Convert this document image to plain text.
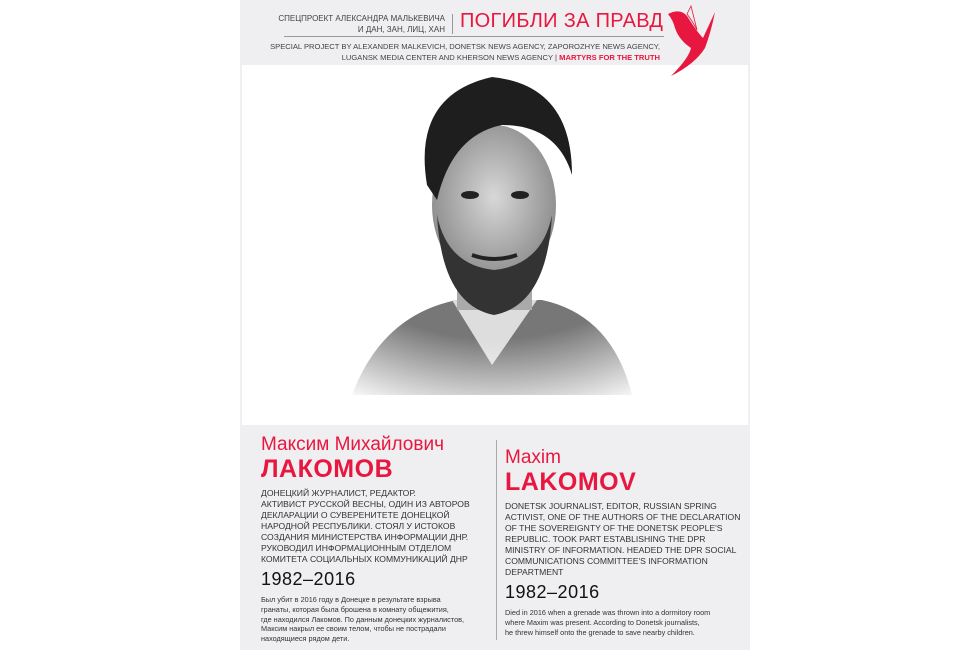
СПЕЦПРОЕКТ АЛЕКСАНДРА МАЛЬКЕВИЧА
И ДАН, ЗАН, ЛИЦ, ХАН ПОГИБЛИ ЗА ПРАВД
SPECIAL PROJECT BY ALEXANDER MALKEVICH, DONETSK NEWS AGENCY, ZAPOROZHYE NEWS AGENCY,
LUGANSK MEDIA CENTER AND KHERSON NEWS AGENCY | MARTYRS FOR THE TRUTH
Максим Михайлович
ЛАКОМОВ
ДОНЕЦКИЙ ЖУРНАЛИСТ, РЕДАКТОР.
АКТИВИСТ РУССКОЙ ВЕСНЫ, ОДИН ИЗ АВТОРОВ
ДЕКЛАРАЦИИ О СУВЕРЕНИТЕТЕ ДОНЕЦКОЙ
НАРОДНОЙ РЕСПУБЛИКИ. СТОЯЛ У ИСТОКОВ
СОЗДАНИЯ МИНИСТЕРСТВА ИНФОРМАЦИИ ДНР.
РУКОВОДИЛ ИНФОРМАЦИОННЫМ ОТДЕЛОМ
КОМИТЕТА СОЦИАЛЬНЫХ КОММУНИКАЦИЙ ДНР
1982–2016
Был убит в 2016 году в Донецке в результате взрыва
гранаты, которая была брошена в комнату общежития,
где находился Лакомов. По данным донецких журналистов,
Максим накрыл ее своим телом, чтобы не пострадали
находящиеся рядом дети.
Maxim
LAKOMOV
DONETSK JOURNALIST, EDITOR, RUSSIAN SPRING
ACTIVIST, ONE OF THE AUTHORS OF THE DECLARATION
OF THE SOVEREIGNTY OF THE DONETSK PEOPLE'S
REPUBLIC. TOOK PART ESTABLISHING THE DPR
MINISTRY OF INFORMATION. HEADED THE DPR SOCIAL
COMMUNICATIONS COMMITTEE'S INFORMATION
DEPARTMENT
1982–2016
Died in 2016 when a grenade was thrown into a dormitory room
where Maxim was present. According to Donetsk journalists,
he threw himself onto the grenade to save nearby children.
